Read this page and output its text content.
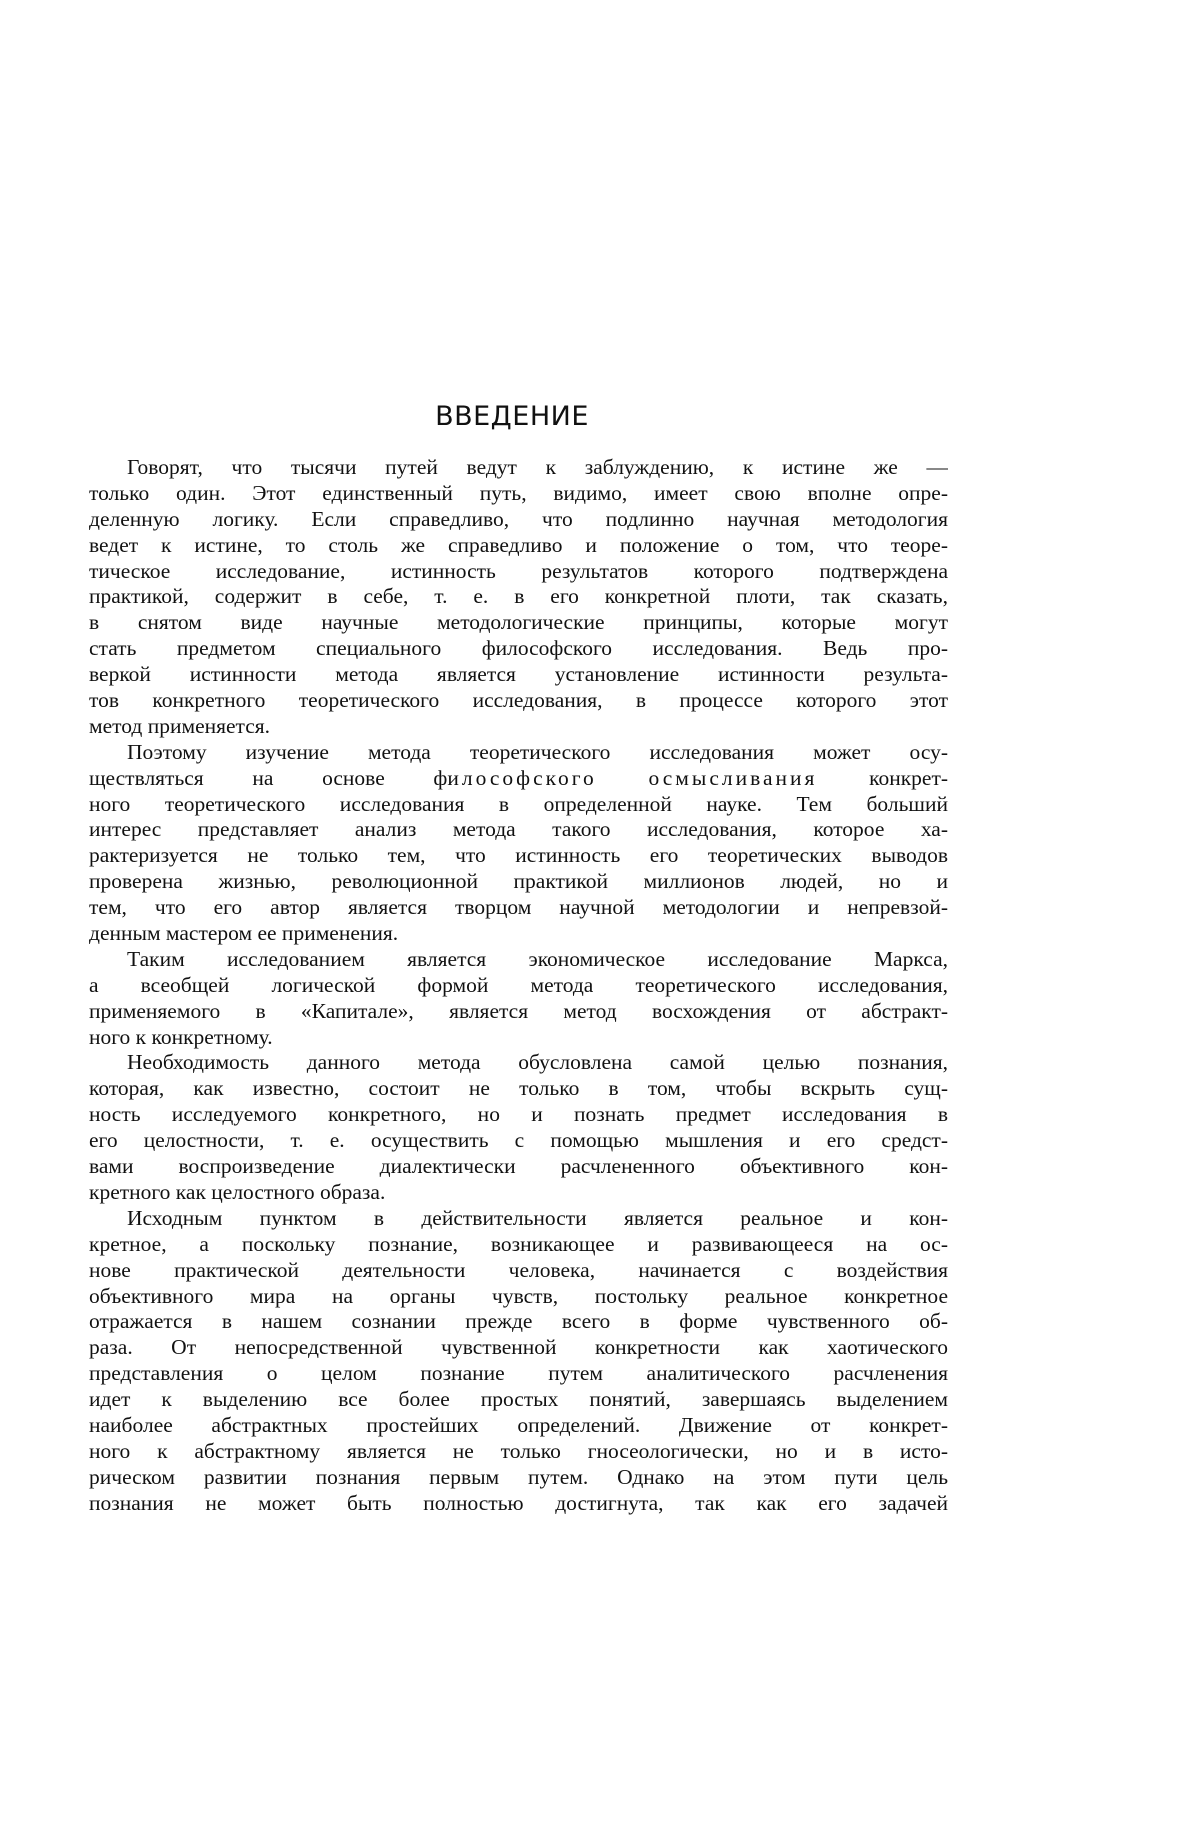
ВВЕДЕНИЕ
Говорят, что тысячи путей ведут к заблуждению, к истине же —
только один. Этот единственный путь, видимо, имеет свою вполне опре-
деленную логику. Если справедливо, что подлинно научная методология
ведет к истине, то столь же справедливо и положение о том, что теоре-
тическое исследование, истинность результатов которого подтверждена
практикой, содержит в себе, т. е. в его конкретной плоти, так сказать,
в снятом виде научные методологические принципы, которые могут
стать предметом специального философского исследования. Ведь про-
веркой истинности метода является установление истинности результа-
тов конкретного теоретического исследования, в процессе которого этот
метод применяется.
Поэтому изучение метода теоретического исследования может осу-
ществляться на основе философского осмысливания конкрет-
ного теоретического исследования в определенной науке. Тем больший
интерес представляет анализ метода такого исследования, которое ха-
рактеризуется не только тем, что истинность его теоретических выводов
проверена жизнью, революционной практикой миллионов людей, но и
тем, что его автор является творцом научной методологии и непревзой-
денным мастером ее применения.
Таким исследованием является экономическое исследование Маркса,
а всеобщей логической формой метода теоретического исследования,
применяемого в «Капитале», является метод восхождения от абстракт-
ного к конкретному.
Необходимость данного метода обусловлена самой целью познания,
которая, как известно, состоит не только в том, чтобы вскрыть сущ-
ность исследуемого конкретного, но и познать предмет исследования в
его целостности, т. е. осуществить с помощью мышления и его средст-
вами воспроизведение диалектически расчлененного объективного кон-
кретного как целостного образа.
Исходным пунктом в действительности является реальное и кон-
кретное, а поскольку познание, возникающее и развивающееся на ос-
нове практической деятельности человека, начинается с воздействия
объективного мира на органы чувств, постольку реальное конкретное
отражается в нашем сознании прежде всего в форме чувственного об-
раза. От непосредственной чувственной конкретности как хаотического
представления о целом познание путем аналитического расчленения
идет к выделению все более простых понятий, завершаясь выделением
наиболее абстрактных простейших определений. Движение от конкрет-
ного к абстрактному является не только гносеологически, но и в исто-
рическом развитии познания первым путем. Однако на этом пути цель
познания не может быть полностью достигнута, так как его задачей
